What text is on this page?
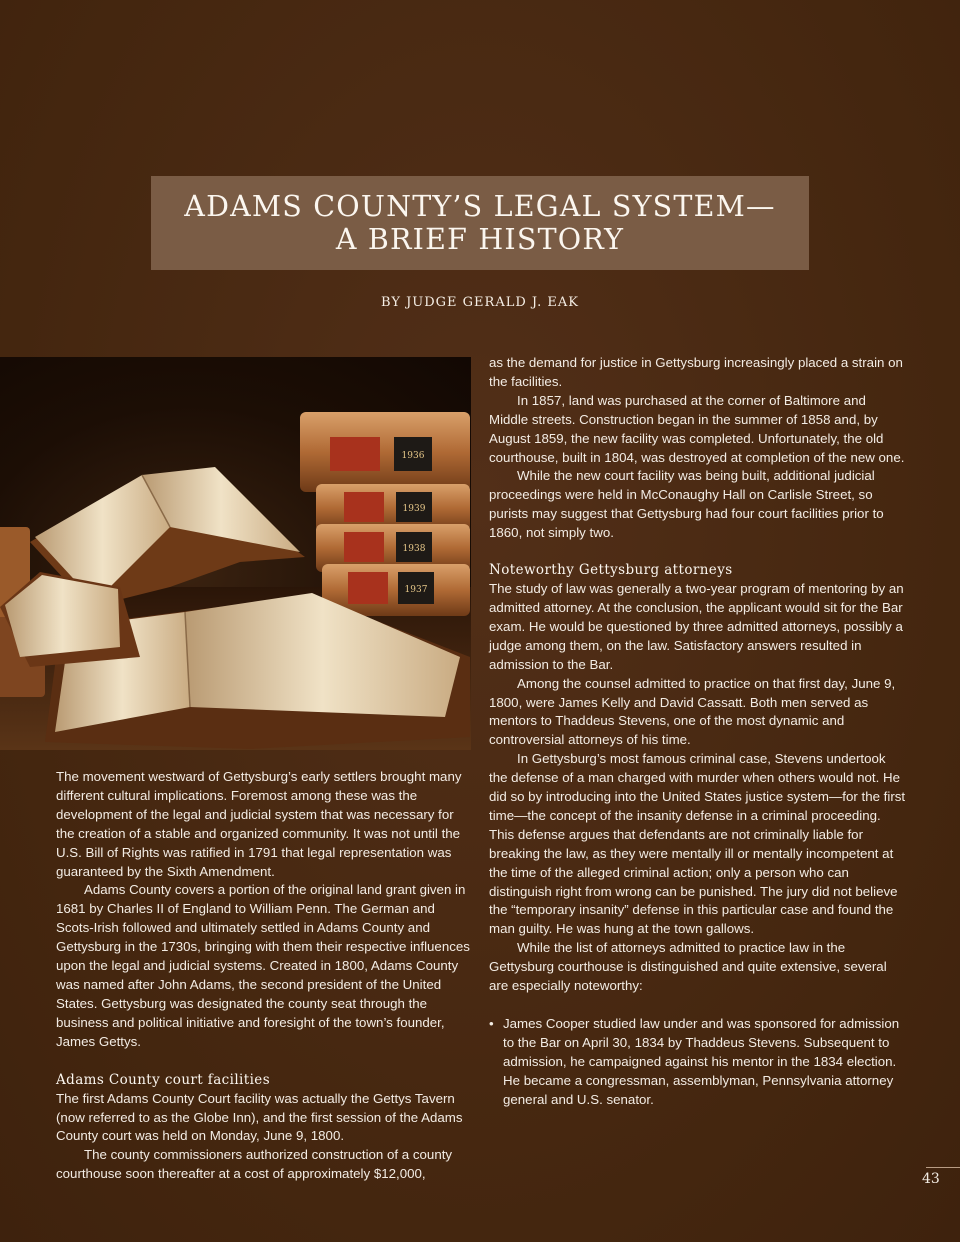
ADAMS COUNTY’S LEGAL SYSTEM—
A BRIEF HISTORY
BY JUDGE GERALD J. EAK
1936
1939
1938
1937

The movement westward of Gettysburg’s early settlers brought many different cultural implications. Foremost among these was the development of the legal and judicial system that was necessary for the creation of a stable and organized community. It was not until the U.S. Bill of Rights was ratified in 1791 that legal representation was guaranteed by the Sixth Amendment.

Adams County covers a portion of the original land grant given in 1681 by Charles II of England to William Penn. The German and Scots-Irish followed and ultimately settled in Adams County and Gettysburg in the 1730s, bringing with them their respective influences upon the legal and judicial systems. Created in 1800, Adams County was named after John Adams, the second president of the United States. Gettysburg was designated the county seat through the business and political initiative and foresight of the town’s founder, James Gettys.

Adams County court facilities

The first Adams County Court facility was actually the Gettys Tavern (now referred to as the Globe Inn), and the first session of the Adams County court was held on Monday, June 9, 1800.

The county commissioners authorized construction of a county courthouse soon thereafter at a cost of approximately $12,000,

as the demand for justice in Gettysburg increasingly placed a strain on the facilities.

In 1857, land was purchased at the corner of Baltimore and Middle streets. Construction began in the summer of 1858 and, by August 1859, the new facility was completed. Unfortunately, the old courthouse, built in 1804, was destroyed at completion of the new one.

While the new court facility was being built, additional judicial proceedings were held in McConaughy Hall on Carlisle Street, so purists may suggest that Gettysburg had four court facilities prior to 1860, not simply two.

Noteworthy Gettysburg attorneys

The study of law was generally a two-year program of mentoring by an admitted attorney. At the conclusion, the applicant would sit for the Bar exam. He would be questioned by three admitted attorneys, possibly a judge among them, on the law. Satisfactory answers resulted in admission to the Bar.

Among the counsel admitted to practice on that first day, June 9, 1800, were James Kelly and David Cassatt. Both men served as mentors to Thaddeus Stevens, one of the most dynamic and controversial attorneys of his time.

In Gettysburg’s most famous criminal case, Stevens undertook the defense of a man charged with murder when others would not. He did so by introducing into the United States justice system—for the first time—the concept of the insanity defense in a criminal proceeding. This defense argues that defendants are not criminally liable for breaking the law, as they were mentally ill or mentally incompetent at the time of the alleged criminal action; only a person who can distinguish right from wrong can be punished. The jury did not believe the “temporary insanity” defense in this particular case and found the man guilty. He was hung at the town gallows.

While the list of attorneys admitted to practice law in the Gettysburg courthouse is distinguished and quite extensive, several are especially noteworthy:

• James Cooper studied law under and was sponsored for admission to the Bar on April 30, 1834 by Thaddeus Stevens. Subsequent to admission, he campaigned against his mentor in the 1834 election. He became a congressman, assemblyman, Pennsylvania attorney general and U.S. senator.

43
